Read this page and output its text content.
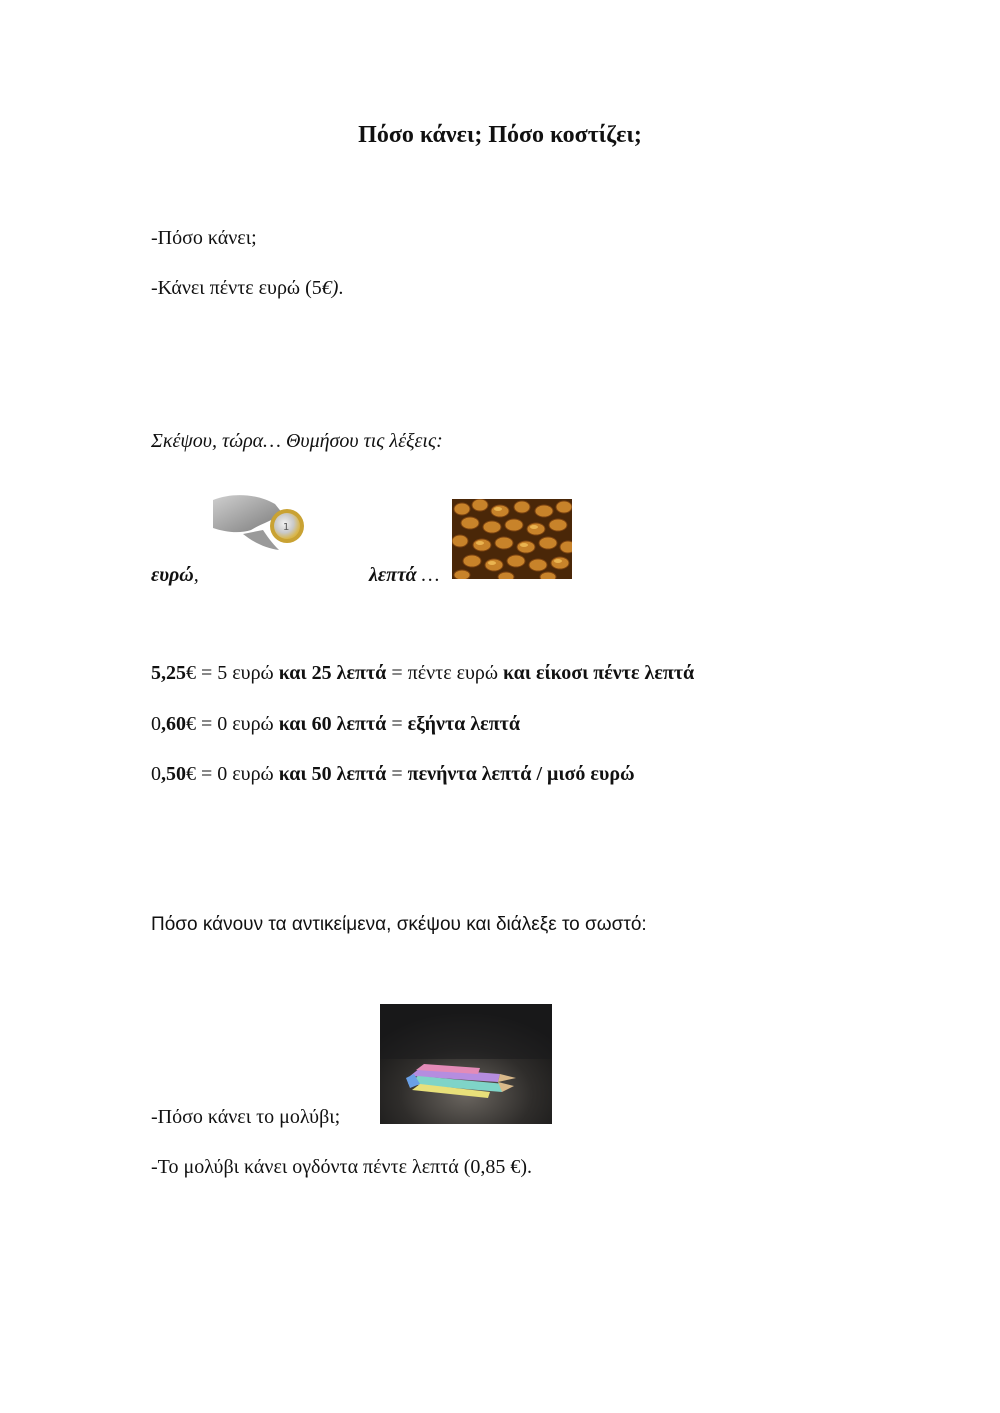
Πόσο κάνει; Πόσο κοστίζει;
-Πόσο κάνει;
-Κάνει πέντε ευρώ (5€).
Σκέψου, τώρα… Θυμήσου τις λέξεις:
1
ευρώ,	λεπτά …
5,25€ = 5 ευρώ και 25 λεπτά = πέντε ευρώ και είκοσι πέντε λεπτά
0,60€ = 0 ευρώ και 60 λεπτά = εξήντα λεπτά
0,50€ = 0 ευρώ και 50 λεπτά = πενήντα λεπτά / μισό ευρώ
Πόσο κάνουν τα αντικείμενα, σκέψου και διάλεξε το σωστό:
-Πόσο κάνει το μολύβι;
-Το μολύβι κάνει ογδόντα πέντε λεπτά (0,85 €).
